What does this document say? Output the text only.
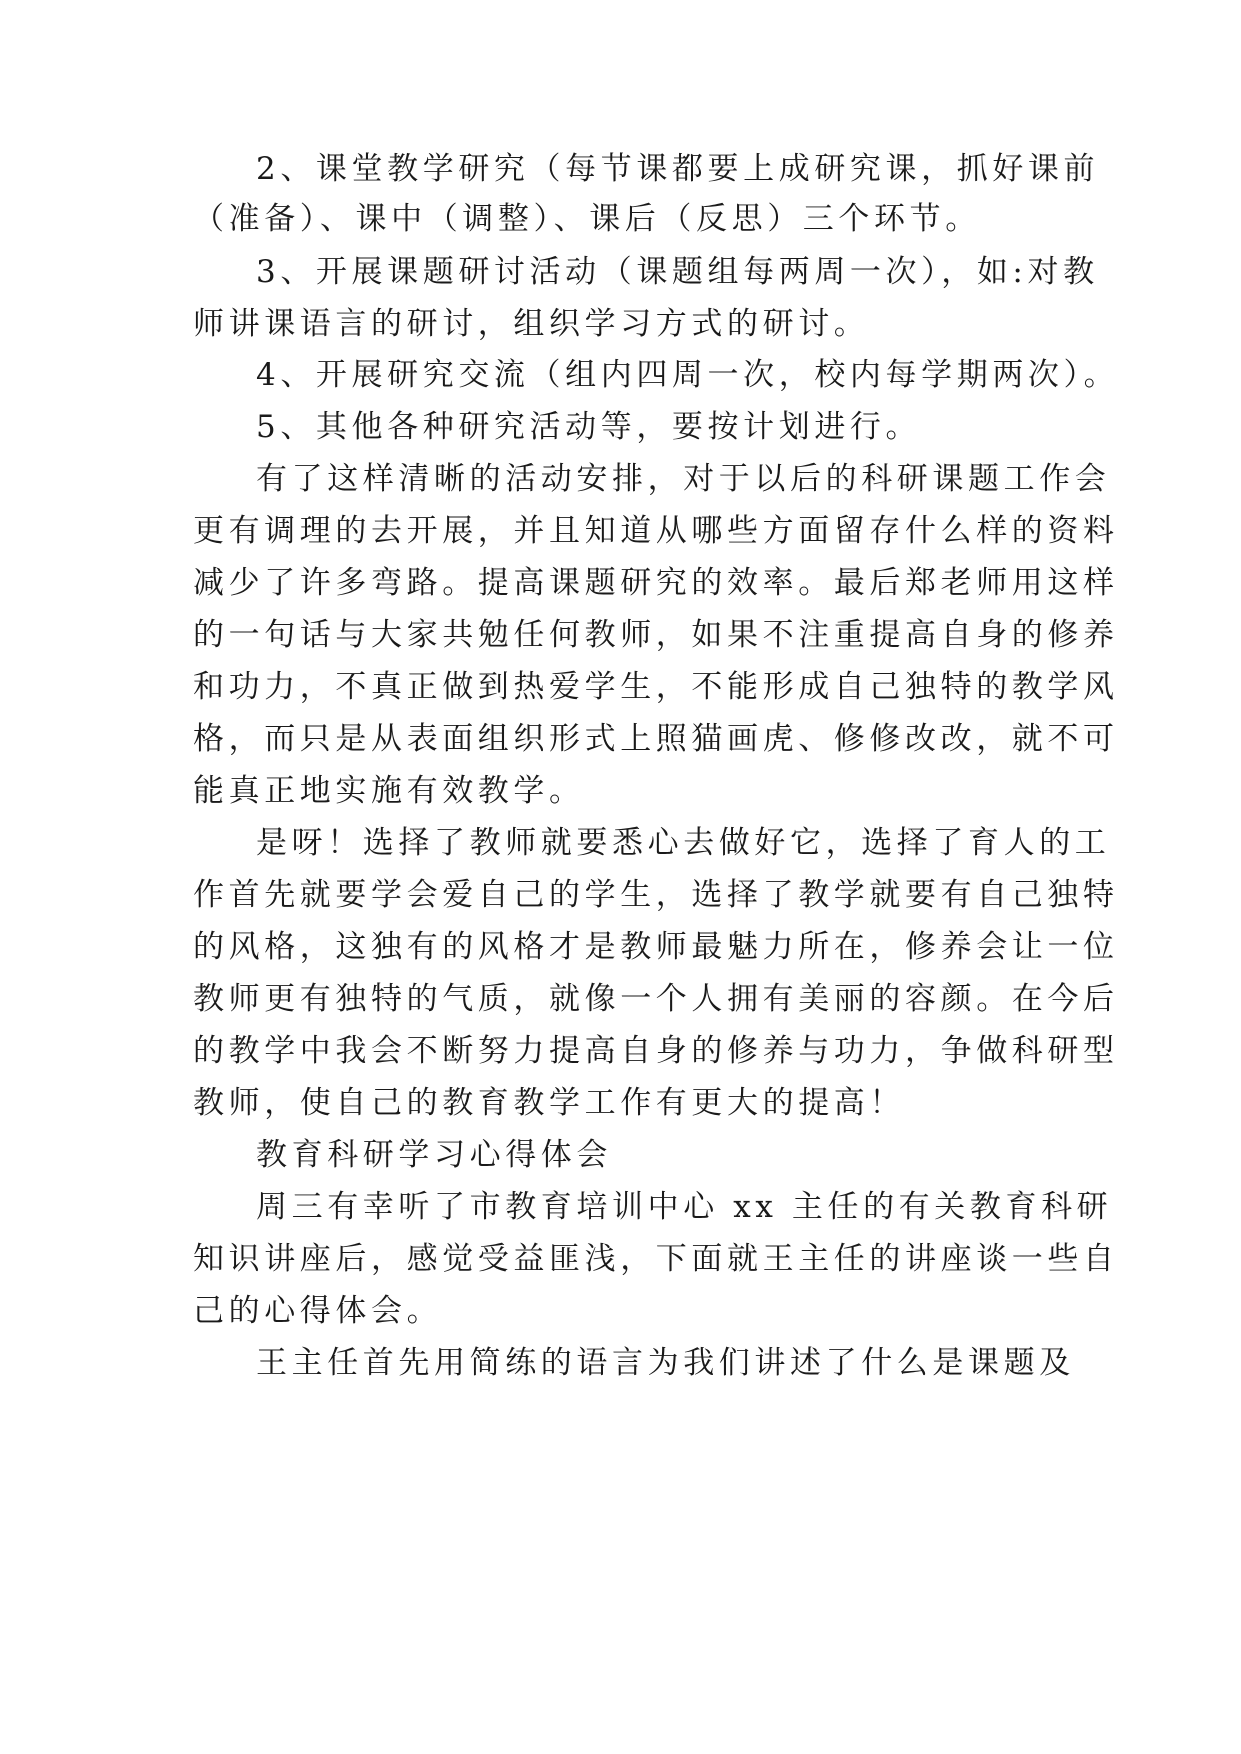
2、课堂教学研究（每节课都要上成研究课，抓好课前
（准备）、课中（调整）、课后（反思）三个环节。
3、开展课题研讨活动（课题组每两周一次），如:对教
师讲课语言的研讨，组织学习方式的研讨。
4、开展研究交流（组内四周一次，校内每学期两次）。
5、其他各种研究活动等，要按计划进行。
有了这样清晰的活动安排，对于以后的科研课题工作会
更有调理的去开展，并且知道从哪些方面留存什么样的资料
减少了许多弯路。提高课题研究的效率。最后郑老师用这样
的一句话与大家共勉任何教师，如果不注重提高自身的修养
和功力，不真正做到热爱学生，不能形成自己独特的教学风
格，而只是从表面组织形式上照猫画虎、修修改改，就不可
能真正地实施有效教学。
是呀！选择了教师就要悉心去做好它，选择了育人的工
作首先就要学会爱自己的学生，选择了教学就要有自己独特
的风格，这独有的风格才是教师最魅力所在，修养会让一位
教师更有独特的气质，就像一个人拥有美丽的容颜。在今后
的教学中我会不断努力提高自身的修养与功力，争做科研型
教师，使自己的教育教学工作有更大的提高！
教育科研学习心得体会
周三有幸听了市教育培训中心 xx 主任的有关教育科研
知识讲座后，感觉受益匪浅，下面就王主任的讲座谈一些自
己的心得体会。
王主任首先用简练的语言为我们讲述了什么是课题及
